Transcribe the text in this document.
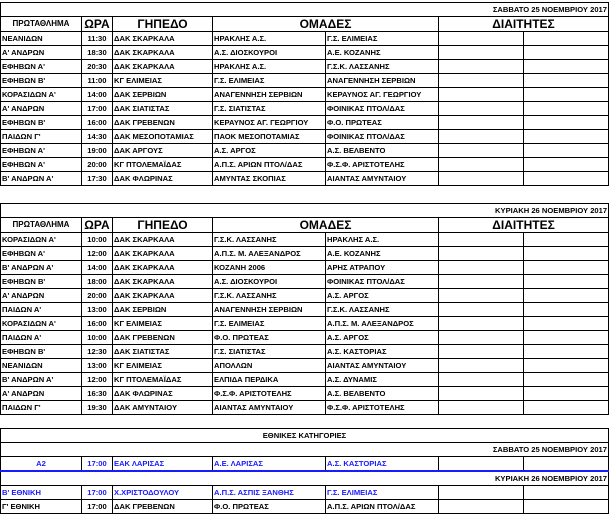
ΣΑΒΒΑΤΟ 25 ΝΟΕΜΒΡΙΟΥ 2017						
ΠΡΩΤΑΘΛΗΜΑ	ΩΡΑ	ΓΗΠΕΔΟ	ΟΜΑΔΕΣ		ΔΙΑΙΤΗΤΕΣ	
ΝΕΑΝΙΔΩΝ	11:30	ΔΑΚ ΣΚΑΡΚΑΛΑ	ΗΡΑΚΛΗΣ Α.Σ.	Γ.Σ. ΕΛΙΜΕΙΑΣ		
Α' ΑΝΔΡΩΝ	18:30	ΔΑΚ ΣΚΑΡΚΑΛΑ	Α.Σ. ΔΙΟΣΚΟΥΡΟΙ	Α.Ε. ΚΟΖΑΝΗΣ		
ΕΦΗΒΩΝ Α'	20:30	ΔΑΚ ΣΚΑΡΚΑΛΑ	ΗΡΑΚΛΗΣ Α.Σ.	Γ.Σ.Κ. ΛΑΣΣΑΝΗΣ		
ΕΦΗΒΩΝ Β'	11:00	ΚΓ ΕΛΙΜΕΙΑΣ	Γ.Σ. ΕΛΙΜΕΙΑΣ	ΑΝΑΓΕΝΝΗΣΗ ΣΕΡΒΙΩΝ		
ΚΟΡΑΣΙΔΩΝ Α'	14:00	ΔΑΚ ΣΕΡΒΙΩΝ	ΑΝΑΓΕΝΝΗΣΗ ΣΕΡΒΙΩΝ	ΚΕΡΑΥΝΟΣ ΑΓ. ΓΕΩΡΓΙΟΥ		
Α' ΑΝΔΡΩΝ	17:00	ΔΑΚ ΣΙΑΤΙΣΤΑΣ	Γ.Σ. ΣΙΑΤΙΣΤΑΣ	ΦΟΙΝΙΚΑΣ ΠΤΟΛ/ΔΑΣ		
ΕΦΗΒΩΝ Β'	16:00	ΔΑΚ ΓΡΕΒΕΝΩΝ	ΚΕΡΑΥΝΟΣ ΑΓ. ΓΕΩΡΓΙΟΥ	Φ.Ο. ΠΡΩΤΕΑΣ		
ΠΑΙΔΩΝ Γ'	14:30	ΔΑΚ ΜΕΣΟΠΟΤΑΜΙΑΣ	ΠΑΟΚ ΜΕΣΟΠΟΤΑΜΙΑΣ	ΦΟΙΝΙΚΑΣ ΠΤΟΛ/ΔΑΣ		
ΕΦΗΒΩΝ Α'	19:00	ΔΑΚ ΑΡΓΟΥΣ	Α.Σ. ΑΡΓΟΣ	Α.Σ. ΒΕΛΒΕΝΤΟ		
ΕΦΗΒΩΝ Α'	20:00	ΚΓ ΠΤΟΛΕΜΑΪΔΑΣ	Α.Π.Σ. ΑΡΙΩΝ ΠΤΟΛ/ΔΑΣ	Φ.Σ.Φ. ΑΡΙΣΤΟΤΕΛΗΣ		
Β' ΑΝΔΡΩΝ Α'	17:30	ΔΑΚ ΦΛΩΡΙΝΑΣ	ΑΜΥΝΤΑΣ ΣΚΟΠΙΑΣ	ΑΙΑΝΤΑΣ ΑΜΥΝΤΑΙΟΥ		
ΚΥΡΙΑΚΗ 26 ΝΟΕΜΒΡΙΟΥ 2017						
ΠΡΩΤΑΘΛΗΜΑ	ΩΡΑ	ΓΗΠΕΔΟ	ΟΜΑΔΕΣ		ΔΙΑΙΤΗΤΕΣ	
ΚΟΡΑΣΙΔΩΝ Α'	10:00	ΔΑΚ ΣΚΑΡΚΑΛΑ	Γ.Σ.Κ. ΛΑΣΣΑΝΗΣ	ΗΡΑΚΛΗΣ Α.Σ.		
ΕΦΗΒΩΝ Α'	12:00	ΔΑΚ ΣΚΑΡΚΑΛΑ	Α.Π.Σ. Μ. ΑΛΕΞΑΝΔΡΟΣ	Α.Ε. ΚΟΖΑΝΗΣ		
Β' ΑΝΔΡΩΝ Α'	14:00	ΔΑΚ ΣΚΑΡΚΑΛΑ	ΚΟΖΑΝΗ 2006	ΑΡΗΣ ΑΤΡΑΠΟΥ		
ΕΦΗΒΩΝ Β'	18:00	ΔΑΚ ΣΚΑΡΚΑΛΑ	Α.Σ. ΔΙΟΣΚΟΥΡΟΙ	ΦΟΙΝΙΚΑΣ ΠΤΟΛ/ΔΑΣ		
Α' ΑΝΔΡΩΝ	20:00	ΔΑΚ ΣΚΑΡΚΑΛΑ	Γ.Σ.Κ. ΛΑΣΣΑΝΗΣ	Α.Σ. ΑΡΓΟΣ		
ΠΑΙΔΩΝ Α'	13:00	ΔΑΚ ΣΕΡΒΙΩΝ	ΑΝΑΓΕΝΝΗΣΗ ΣΕΡΒΙΩΝ	Γ.Σ.Κ. ΛΑΣΣΑΝΗΣ		
ΚΟΡΑΣΙΔΩΝ Α'	16:00	ΚΓ ΕΛΙΜΕΙΑΣ	Γ.Σ. ΕΛΙΜΕΙΑΣ	Α.Π.Σ. Μ. ΑΛΕΞΑΝΔΡΟΣ		
ΠΑΙΔΩΝ Α'	10:00	ΔΑΚ ΓΡΕΒΕΝΩΝ	Φ.Ο. ΠΡΩΤΕΑΣ	Α.Σ. ΑΡΓΟΣ		
ΕΦΗΒΩΝ Β'	12:30	ΔΑΚ ΣΙΑΤΙΣΤΑΣ	Γ.Σ. ΣΙΑΤΙΣΤΑΣ	Α.Σ. ΚΑΣΤΟΡΙΑΣ		
ΝΕΑΝΙΔΩΝ	13:00	ΚΓ ΕΛΙΜΕΙΑΣ	ΑΠΟΛΛΩΝ	ΑΙΑΝΤΑΣ ΑΜΥΝΤΑΙΟΥ		
Β' ΑΝΔΡΩΝ Α'	12:00	ΚΓ ΠΤΟΛΕΜΑΪΔΑΣ	ΕΛΠΙΔΑ ΠΕΡΔΙΚΑ	Α.Σ. ΔΥΝΑΜΙΣ		
Α' ΑΝΔΡΩΝ	16:30	ΔΑΚ ΦΛΩΡΙΝΑΣ	Φ.Σ.Φ. ΑΡΙΣΤΟΤΕΛΗΣ	Α.Σ. ΒΕΛΒΕΝΤΟ		
ΠΑΙΔΩΝ Γ'	19:30	ΔΑΚ ΑΜΥΝΤΑΙΟΥ	ΑΙΑΝΤΑΣ ΑΜΥΝΤΑΙΟΥ	Φ.Σ.Φ. ΑΡΙΣΤΟΤΕΛΗΣ		
ΕΘΝΙΚΕΣ ΚΑΤΗΓΟΡΙΕΣ						
ΣΑΒΒΑΤΟ 25 ΝΟΕΜΒΡΙΟΥ 2017						
Α2	17:00	ΕΑΚ ΛΑΡΙΣΑΣ	Α.Ε. ΛΑΡΙΣΑΣ	Α.Σ. ΚΑΣΤΟΡΙΑΣ		
ΚΥΡΙΑΚΗ 26 ΝΟΕΜΒΡΙΟΥ 2017						
Β' ΕΘΝΙΚΗ	17:00	Χ.ΧΡΙΣΤΟΔΟΥΛΟΥ	Α.Π.Σ. ΑΣΠΙΣ ΞΑΝΘΗΣ	Γ.Σ. ΕΛΙΜΕΙΑΣ		
Γ' ΕΘΝΙΚΗ	17:00	ΔΑΚ ΓΡΕΒΕΝΩΝ	Φ.Ο. ΠΡΩΤΕΑΣ	Α.Π.Σ. ΑΡΙΩΝ ΠΤΟΛ/ΔΑΣ		
